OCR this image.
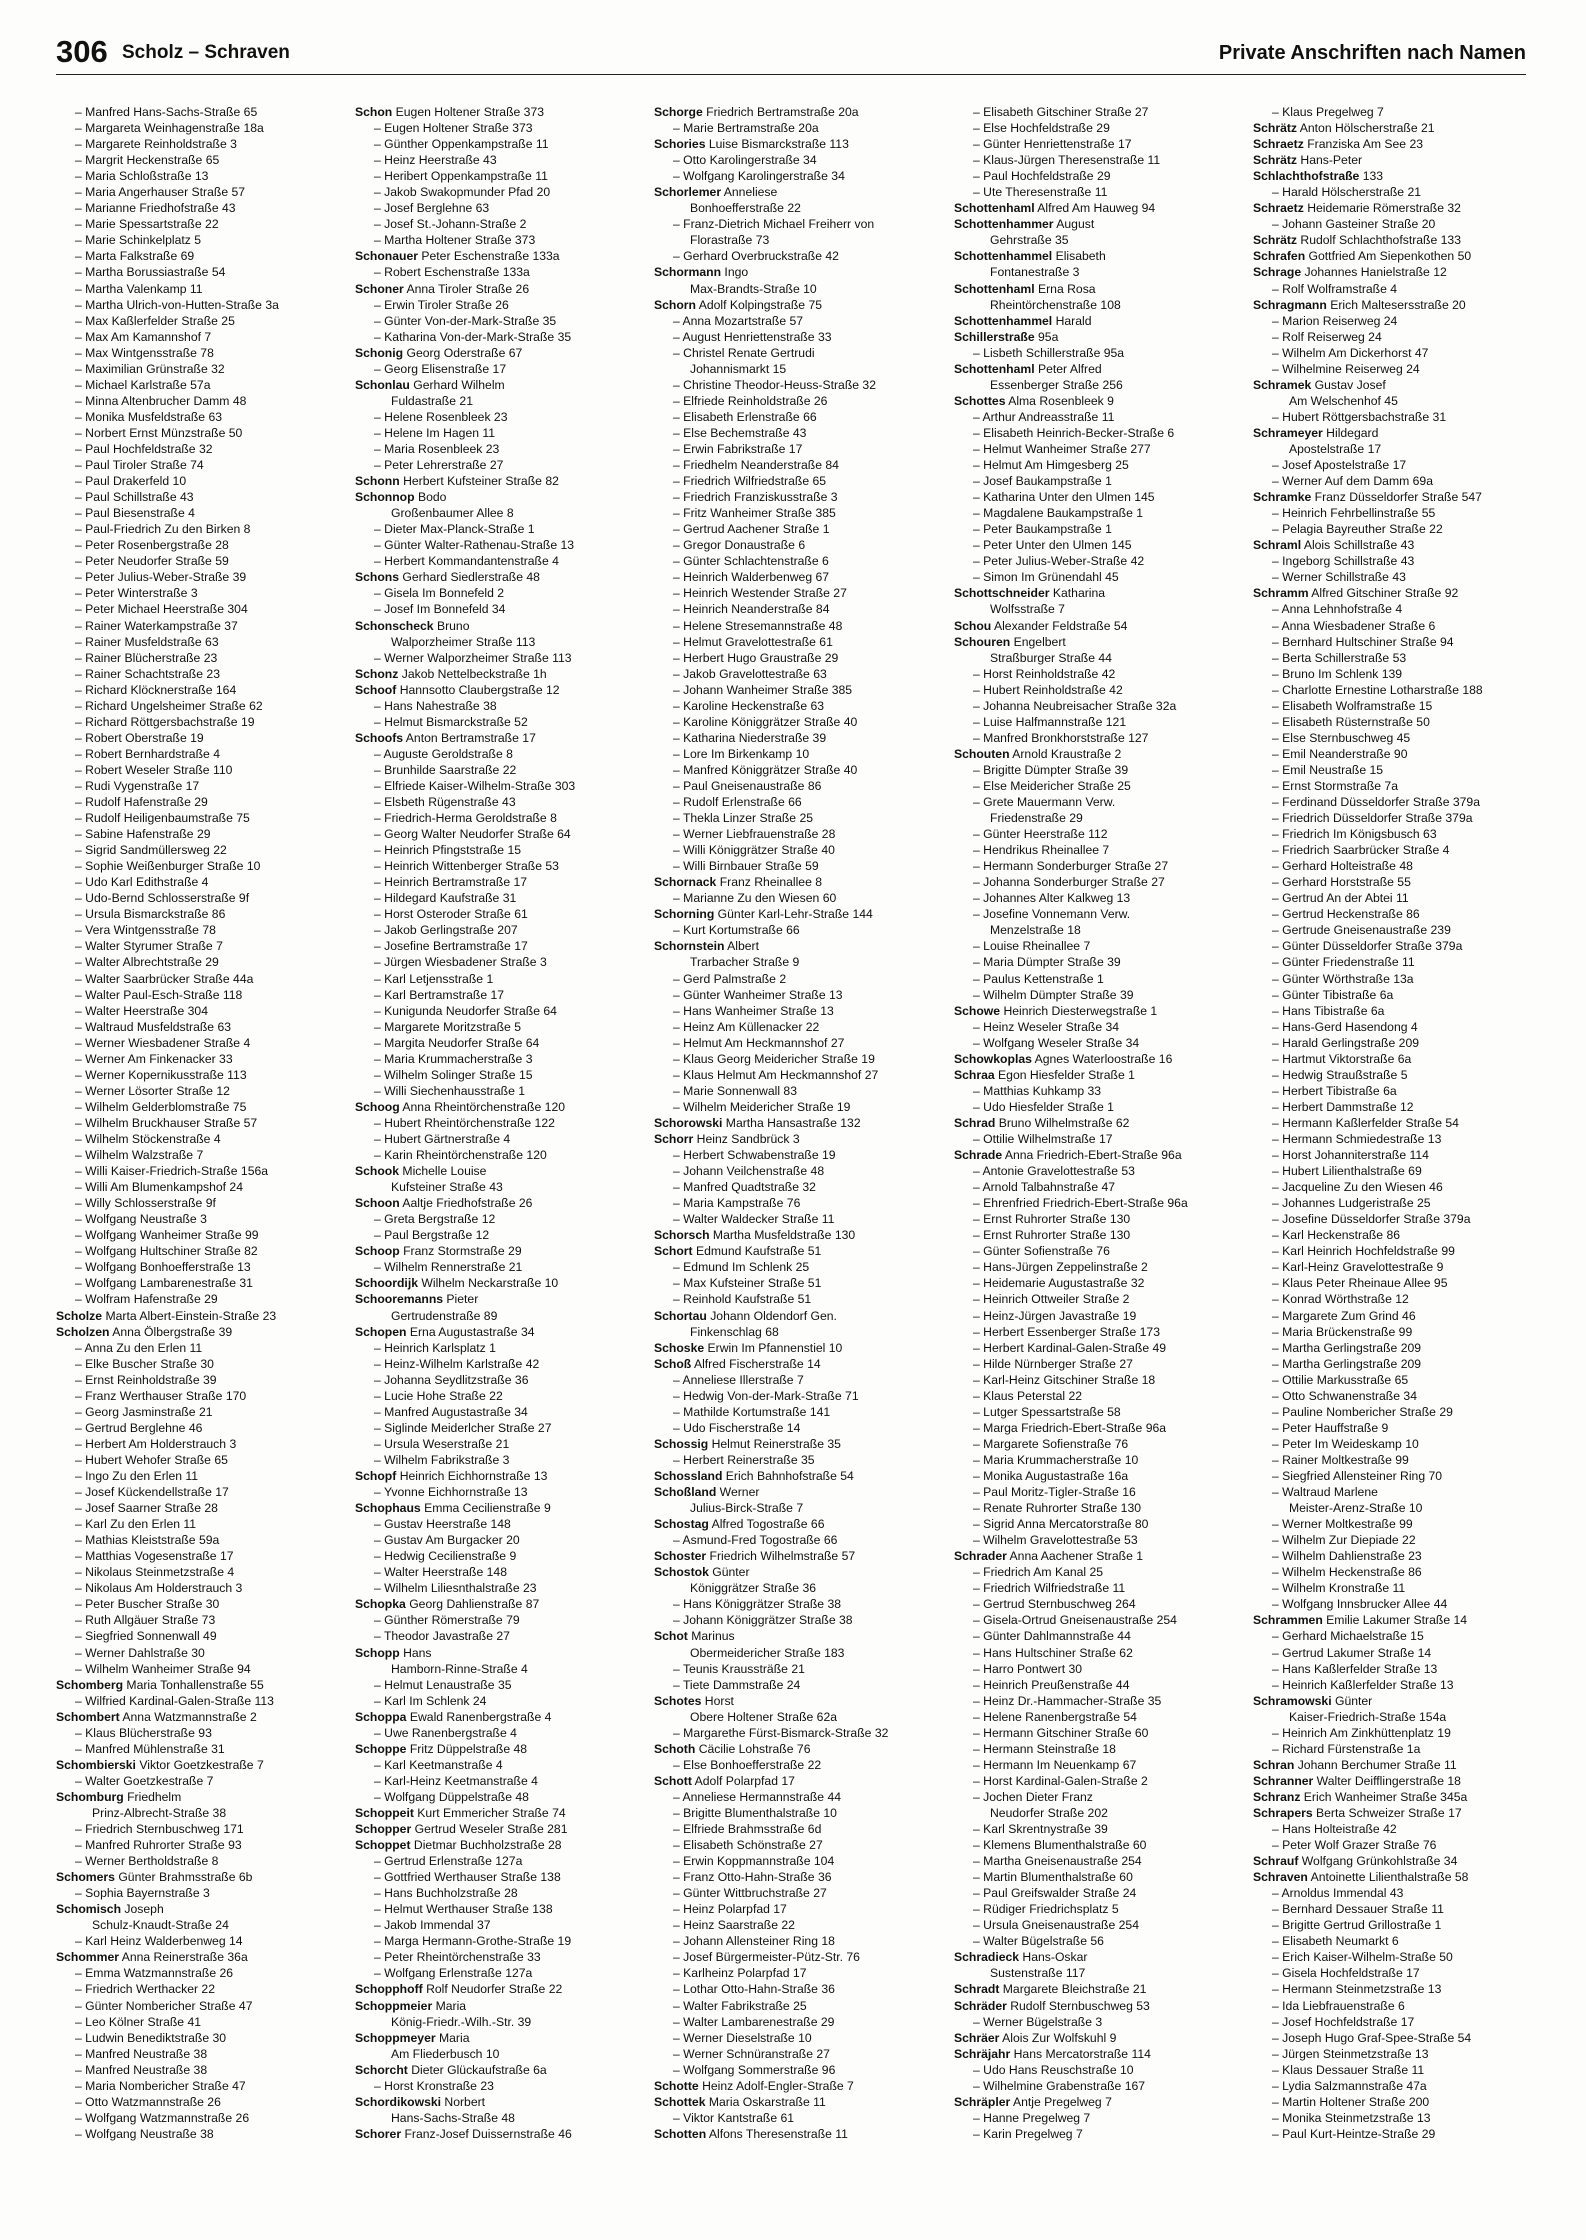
306 Scholz – Schraven	Private Anschriften nach Namen
– Manfred Hans-Sachs-Straße 65
– Margareta Weinhagenstraße 18a
– Margarete Reinholdstraße 3
– Margrit Heckenstraße 65
– Maria Schloßstraße 13
– Maria Angerhauser Straße 57
– Marianne Friedhofstraße 43
– Marie Spessartstraße 22
– Marie Schinkelplatz 5
– Marta Falkstraße 69
– Martha Borussiastraße 54
– Martha Valenkamp 11
– Martha Ulrich-von-Hutten-Straße 3a
– Max Kaßlerfelder Straße 25
– Max Am Kamannshof 7
– Max Wintgensstraße 78
– Maximilian Grünstraße 32
– Michael Karlstraße 57a
– Minna Altenbrucher Damm 48
– Monika Musfeldstraße 63
– Norbert Ernst Münzstraße 50
– Paul Hochfeldstraße 32
– Paul Tiroler Straße 74
– Paul Drakerfeld 10
– Paul Schillstraße 43
– Paul Biesenstraße 4
– Paul-Friedrich Zu den Birken 8
– Peter Rosenbergstraße 28
– Peter Neudorfer Straße 59
– Peter Julius-Weber-Straße 39
– Peter Winterstraße 3
– Peter Michael Heerstraße 304
– Rainer Waterkampstraße 37
– Rainer Musfeldstraße 63
– Rainer Blücherstraße 23
– Rainer Schachtstraße 23
– Richard Klöcknerstraße 164
– Richard Ungelsheimer Straße 62
– Richard Röttgersbachstraße 19
– Robert Oberstraße 19
– Robert Bernhardstraße 4
– Robert Weseler Straße 110
– Rudi Vygenstraße 17
– Rudolf Hafenstraße 29
– Rudolf Heiligenbaumstraße 75
– Sabine Hafenstraße 29
– Sigrid Sandmüllersweg 22
– Sophie Weißenburger Straße 10
– Udo Karl Edithstraße 4
– Udo-Bernd Schlosserstraße 9f
– Ursula Bismarckstraße 86
– Vera Wintgensstraße 78
– Walter Styrumer Straße 7
– Walter Albrechtstraße 29
– Walter Saarbrücker Straße 44a
– Walter Paul-Esch-Straße 118
– Walter Heerstraße 304
– Waltraud Musfeldstraße 63
– Werner Wiesbadener Straße 4
– Werner Am Finkenacker 33
– Werner Kopernikusstraße 113
– Werner Lösorter Straße 12
– Wilhelm Gelderblomstraße 75
– Wilhelm Bruckhauser Straße 57
– Wilhelm Stöckenstraße 4
– Wilhelm Walzstraße 7
– Willi Kaiser-Friedrich-Straße 156a
– Willi Am Blumenkampshof 24
– Willy Schlosserstraße 9f
– Wolfgang Neustraße 3
– Wolfgang Wanheimer Straße 99
– Wolfgang Hultschiner Straße 82
– Wolfgang Bonhoefferstraße 13
– Wolfgang Lambarenestraße 31
– Wolfram Hafenstraße 29
Scholze Marta Albert-Einstein-Straße 23
Scholzen Anna Ölbergstraße 39
– Anna Zu den Erlen 11
– Elke Buscher Straße 30
– Ernst Reinholdstraße 39
– Franz Werthauser Straße 170
– Georg Jasminstraße 21
– Gertrud Berglehne 46
– Herbert Am Holderstrauch 3
– Hubert Wehofer Straße 65
– Ingo Zu den Erlen 11
– Josef Kückendellstraße 17
– Josef Saarner Straße 28
– Karl Zu den Erlen 11
– Mathias Kleiststraße 59a
– Matthias Vogesenstraße 17
– Nikolaus Steinmetzstraße 4
– Nikolaus Am Holderstrauch 3
– Peter Buscher Straße 30
– Ruth Allgäuer Straße 73
– Siegfried Sonnenwall 49
– Werner Dahlstraße 30
– Wilhelm Wanheimer Straße 94
Schomberg Maria Tonhallenstraße 55
– Wilfried Kardinal-Galen-Straße 113
Schombert Anna Watzmannstraße 2
– Klaus Blücherstraße 93
– Manfred Mühlenstraße 31
Schombierski Viktor Goetzkestraße 7
– Walter Goetzkestraße 7
Schomburg Friedhelm
Prinz-Albrecht-Straße 38
– Friedrich Sternbuschweg 171
– Manfred Ruhrorter Straße 93
– Werner Bertholdstraße 8
Schomers Günter Brahmsstraße 6b
– Sophia Bayernstraße 3
Schomisch Joseph
Schulz-Knaudt-Straße 24
– Karl Heinz Walderbenweg 14
Schommer Anna Reinerstraße 36a
– Emma Watzmannstraße 26
– Friedrich Werthacker 22
– Günter Nombericher Straße 47
– Leo Kölner Straße 41
– Ludwin Benediktstraße 30
– Manfred Neustraße 38
– Manfred Neustraße 38
– Maria Nombericher Straße 47
– Otto Watzmannstraße 26
– Wolfgang Watzmannstraße 26
– Wolfgang Neustraße 38
Schon Eugen Holtener Straße 373
– Eugen Holtener Straße 373
– Günther Oppenkampstraße 11
– Heinz Heerstraße 43
– Heribert Oppenkampstraße 11
– Jakob Swakopmunder Pfad 20
– Josef Berglehne 63
– Josef St.-Johann-Straße 2
– Martha Holtener Straße 373
Schonauer Peter Eschenstraße 133a
– Robert Eschenstraße 133a
Schoner Anna Tiroler Straße 26
– Erwin Tiroler Straße 26
– Günter Von-der-Mark-Straße 35
– Katharina Von-der-Mark-Straße 35
Schonig Georg Oderstraße 67
– Georg Elisenstraße 17
Schonlau Gerhard Wilhelm
Fuldastraße 21
– Helene Rosenbleek 23
– Helene Im Hagen 11
– Maria Rosenbleek 23
– Peter Lehrerstraße 27
Schonn Herbert Kufsteiner Straße 82
Schonnop Bodo
Großenbaumer Allee 8
– Dieter Max-Planck-Straße 1
– Günter Walter-Rathenau-Straße 13
– Herbert Kommandantenstraße 4
Schons Gerhard Siedlerstraße 48
– Gisela Im Bonnefeld 2
– Josef Im Bonnefeld 34
Schonscheck Bruno
Walporzheimer Straße 113
– Werner Walporzheimer Straße 113
Schonz Jakob Nettelbeckstraße 1h
Schoof Hannsotto Claubergstraße 12
– Hans Nahestraße 38
– Helmut Bismarckstraße 52
Schoofs Anton Bertramstraße 17
– Auguste Geroldstraße 8
– Brunhilde Saarstraße 22
– Elfriede Kaiser-Wilhelm-Straße 303
– Elsbeth Rügenstraße 43
– Friedrich-Herma Geroldstraße 8
– Georg Walter Neudorfer Straße 64
– Heinrich Pfingststraße 15
– Heinrich Wittenberger Straße 53
– Heinrich Bertramstraße 17
– Hildegard Kaufstraße 31
– Horst Osteroder Straße 61
– Jakob Gerlingstraße 207
– Josefine Bertramstraße 17
– Jürgen Wiesbadener Straße 3
– Karl Letjensstraße 1
– Karl Bertramstraße 17
– Kunigunda Neudorfer Straße 64
– Margarete Moritzstraße 5
– Margita Neudorfer Straße 64
– Maria Krummacherstraße 3
– Wilhelm Solinger Straße 15
– Willi Siechenhausstraße 1
Schoog Anna Rheintörchenstraße 120
– Hubert Rheintörchenstraße 122
– Hubert Gärtnerstraße 4
– Karin Rheintörchenstraße 120
Schook Michelle Louise
Kufsteiner Straße 43
Schoon Aaltje Friedhofstraße 26
– Greta Bergstraße 12
– Paul Bergstraße 12
Schoop Franz Stormstraße 29
– Wilhelm Rennerstraße 21
Schoordijk Wilhelm Neckarstraße 10
Schooremanns Pieter
Gertrudenstraße 89
Schopen Erna Augustastraße 34
– Heinrich Karlsplatz 1
– Heinz-Wilhelm Karlstraße 42
– Johanna Seydlitzstraße 36
– Lucie Hohe Straße 22
– Manfred Augustastraße 34
– Siglinde Meiderlcher Straße 27
– Ursula Weserstraße 21
– Wilhelm Fabrikstraße 3
Schopf Heinrich Eichhornstraße 13
– Yvonne Eichhornstraße 13
Schophaus Emma Cecilienstraße 9
– Gustav Heerstraße 148
– Gustav Am Burgacker 20
– Hedwig Cecilienstraße 9
– Walter Heerstraße 148
– Wilhelm Liliesnthalstraße 23
Schopka Georg Dahlienstraße 87
– Günther Römerstraße 79
– Theodor Javastraße 27
Schopp Hans
Hamborn-Rinne-Straße 4
– Helmut Lenaustraße 35
– Karl Im Schlenk 24
Schoppa Ewald Ranenbergstraße 4
– Uwe Ranenbergstraße 4
Schoppe Fritz Düppelstraße 48
– Karl Keetmanstraße 4
– Karl-Heinz Keetmanstraße 4
– Wolfgang Düppelstraße 48
Schoppeit Kurt Emmericher Straße 74
Schopper Gertrud Weseler Straße 281
Schoppet Dietmar Buchholzstraße 28
– Gertrud Erlenstraße 127a
– Gottfried Werthauser Straße 138
– Hans Buchholzstraße 28
– Helmut Werthauser Straße 138
– Jakob Immendal 37
– Marga Hermann-Grothe-Straße 19
– Peter Rheintörchenstraße 33
– Wolfgang Erlenstraße 127a
Schopphoff Rolf Neudorfer Straße 22
Schoppmeier Maria
König-Friedr.-Wilh.-Str. 39
Schoppmeyer Maria
Am Fliederbusch 10
Schorcht Dieter Glückaufstraße 6a
– Horst Kronstraße 23
Schordikowski Norbert
Hans-Sachs-Straße 48
Schorer Franz-Josef Duissernstraße 46
Schorge Friedrich Bertramstraße 20a
– Marie Bertramstraße 20a
Schories Luise Bismarckstraße 113
– Otto Karolingerstraße 34
– Wolfgang Karolingerstraße 34
Schorlemer Anneliese
Bonhoefferstraße 22
– Franz-Dietrich Michael Freiherr von
Florastraße 73
– Gerhard Overbruckstraße 42
Schormann Ingo
Max-Brandts-Straße 10
Schorn Adolf Kolpingstraße 75
– Anna Mozartstraße 57
– August Henriettenstraße 33
– Christel Renate Gertrudi
Johannismarkt 15
– Christine Theodor-Heuss-Straße 32
– Elfriede Reinholdstraße 26
– Elisabeth Erlenstraße 66
– Else Bechemstraße 43
– Erwin Fabrikstraße 17
– Friedhelm Neanderstraße 84
– Friedrich Wilfriedstraße 65
– Friedrich Franziskusstraße 3
– Fritz Wanheimer Straße 385
– Gertrud Aachener Straße 1
– Gregor Donaustraße 6
– Günter Schlachtenstraße 6
– Heinrich Walderbenweg 67
– Heinrich Westender Straße 27
– Heinrich Neanderstraße 84
– Helene Stresemannstraße 48
– Helmut Gravelottestraße 61
– Herbert Hugo Graustraße 29
– Jakob Gravelottestraße 63
– Johann Wanheimer Straße 385
– Karoline Heckenstraße 63
– Karoline Königgrätzer Straße 40
– Katharina Niederstraße 39
– Lore Im Birkenkamp 10
– Manfred Königgrätzer Straße 40
– Paul Gneisenaustraße 86
– Rudolf Erlenstraße 66
– Thekla Linzer Straße 25
– Werner Liebfrauenstraße 28
– Willi Königgrätzer Straße 40
– Willi Birnbauer Straße 59
Schornack Franz Rheinallee 8
– Marianne Zu den Wiesen 60
Schorning Günter Karl-Lehr-Straße 144
– Kurt Kortumstraße 66
Schornstein Albert
Trarbacher Straße 9
– Gerd Palmstraße 2
– Günter Wanheimer Straße 13
– Hans Wanheimer Straße 13
– Heinz Am Küllenacker 22
– Helmut Am Heckmannshof 27
– Klaus Georg Meidericher Straße 19
– Klaus Helmut Am Heckmannshof 27
– Marie Sonnenwall 83
– Wilhelm Meidericher Straße 19
Schorowski Martha Hansastraße 132
Schorr Heinz Sandbrück 3
– Herbert Schwabenstraße 19
– Johann Veilchenstraße 48
– Manfred Quadtstraße 32
– Maria Kampstraße 76
– Walter Waldecker Straße 11
Schorsch Martha Musfeldstraße 130
Schort Edmund Kaufstraße 51
– Edmund Im Schlenk 25
– Max Kufsteiner Straße 51
– Reinhold Kaufstraße 51
Schortau Johann Oldendorf Gen.
Finkenschlag 68
Schoske Erwin Im Pfannenstiel 10
Schoß Alfred Fischerstraße 14
– Anneliese Illerstraße 7
– Hedwig Von-der-Mark-Straße 71
– Mathilde Kortumstraße 141
– Udo Fischerstraße 14
Schossig Helmut Reinerstraße 35
– Herbert Reinerstraße 35
Schossland Erich Bahnhofstraße 54
Schoßland Werner
Julius-Birck-Straße 7
Schostag Alfred Togostraße 66
– Asmund-Fred Togostraße 66
Schoster Friedrich Wilhelmstraße 57
Schostok Günter
Königgrätzer Straße 36
– Hans Königgrätzer Straße 38
– Johann Königgrätzer Straße 38
Schot Marinus
Obermeidericher Straße 183
– Teunis Kraussträße 21
– Tiete Dammstraße 24
Schotes Horst
Obere Holtener Straße 62a
– Margarethe Fürst-Bismarck-Straße 32
Schoth Cäcilie Lohstraße 76
– Else Bonhoefferstraße 22
Schott Adolf Polarpfad 17
– Anneliese Hermannstraße 44
– Brigitte Blumenthalstraße 10
– Elfriede Brahmsstraße 6d
– Elisabeth Schönstraße 27
– Erwin Koppmannstraße 104
– Franz Otto-Hahn-Straße 36
– Günter Wittbruchstraße 27
– Heinz Polarpfad 17
– Heinz Saarstraße 22
– Johann Allensteiner Ring 18
– Josef Bürgermeister-Pütz-Str. 76
– Karlheinz Polarpfad 17
– Lothar Otto-Hahn-Straße 36
– Walter Fabrikstraße 25
– Walter Lambarenestraße 29
– Werner Dieselstraße 10
– Werner Schnüranstraße 27
– Wolfgang Sommerstraße 96
Schotte Heinz Adolf-Engler-Straße 7
Schottek Maria Oskarstraße 11
– Viktor Kantstraße 61
Schotten Alfons Theresenstraße 11
– Elisabeth Gitschiner Straße 27
– Else Hochfeldstraße 29
– Günter Henriettenstraße 17
– Klaus-Jürgen Theresenstraße 11
– Paul Hochfeldstraße 29
– Ute Theresenstraße 11
Schottenhaml Alfred Am Hauweg 94
Schottenhammer August
Gehrstraße 35
Schottenhammel Elisabeth
Fontanestraße 3
Schottenhaml Erna Rosa
Rheintörchenstraße 108
Schottenhammel Harald
Schillerstraße 95a
– Lisbeth Schillerstraße 95a
Schottenhaml Peter Alfred
Essenberger Straße 256
Schottes Alma Rosenbleek 9
– Arthur Andreasstraße 11
– Elisabeth Heinrich-Becker-Straße 6
– Helmut Wanheimer Straße 277
– Helmut Am Himgesberg 25
– Josef Baukampstraße 1
– Katharina Unter den Ulmen 145
– Magdalene Baukampstraße 1
– Peter Baukampstraße 1
– Peter Unter den Ulmen 145
– Peter Julius-Weber-Straße 42
– Simon Im Grünendahl 45
Schottschneider Katharina
Wolfsstraße 7
Schou Alexander Feldstraße 54
Schouren Engelbert
Straßburger Straße 44
– Horst Reinholdstraße 42
– Hubert Reinholdstraße 42
– Johanna Neubreisacher Straße 32a
– Luise Halfmannstraße 121
– Manfred Bronkhorststraße 127
Schouten Arnold Kraustraße 2
– Brigitte Dümpter Straße 39
– Else Meidericher Straße 25
– Grete Mauermann Verw.
Friedenstraße 29
– Günter Heerstraße 112
– Hendrikus Rheinallee 7
– Hermann Sonderburger Straße 27
– Johanna Sonderburger Straße 27
– Johannes Alter Kalkweg 13
– Josefine Vonnemann Verw.
Menzelstraße 18
– Louise Rheinallee 7
– Maria Dümpter Straße 39
– Paulus Kettenstraße 1
– Wilhelm Dümpter Straße 39
Schowe Heinrich Diesterwegstraße 1
– Heinz Weseler Straße 34
– Wolfgang Weseler Straße 34
Schowkoplas Agnes Waterloostraße 16
Schraa Egon Hiesfelder Straße 1
– Matthias Kuhkamp 33
– Udo Hiesfelder Straße 1
Schrad Bruno Wilhelmstraße 62
– Ottilie Wilhelmstraße 17
Schrade Anna Friedrich-Ebert-Straße 96a
– Antonie Gravelottestraße 53
– Arnold Talbahnstraße 47
– Ehrenfried Friedrich-Ebert-Straße 96a
– Ernst Ruhrorter Straße 130
– Ernst Ruhrorter Straße 130
– Günter Sofienstraße 76
– Hans-Jürgen Zeppelinstraße 2
– Heidemarie Augustastraße 32
– Heinrich Ottweiler Straße 2
– Heinz-Jürgen Javastraße 19
– Herbert Essenberger Straße 173
– Herbert Kardinal-Galen-Straße 49
– Hilde Nürnberger Straße 27
– Karl-Heinz Gitschiner Straße 18
– Klaus Peterstal 22
– Lutger Spessartstraße 58
– Marga Friedrich-Ebert-Straße 96a
– Margarete Sofienstraße 76
– Maria Krummacherstraße 10
– Monika Augustastraße 16a
– Paul Moritz-Tigler-Straße 16
– Renate Ruhrorter Straße 130
– Sigrid Anna Mercatorstraße 80
– Wilhelm Gravelottestraße 53
Schrader Anna Aachener Straße 1
– Friedrich Am Kanal 25
– Friedrich Wilfriedstraße 11
– Gertrud Sternbuschweg 264
– Gisela-Ortrud Gneisenaustraße 254
– Günter Dahlmannstraße 44
– Hans Hultschiner Straße 62
– Harro Pontwert 30
– Heinrich Preußenstraße 44
– Heinz Dr.-Hammacher-Straße 35
– Helene Ranenbergstraße 54
– Hermann Gitschiner Straße 60
– Hermann Steinstraße 18
– Hermann Im Neuenkamp 67
– Horst Kardinal-Galen-Straße 2
– Jochen Dieter Franz
Neudorfer Straße 202
– Karl Skrentnystraße 39
– Klemens Blumenthalstraße 60
– Martha Gneisenaustraße 254
– Martin Blumenthalstraße 60
– Paul Greifswalder Straße 24
– Rüdiger Friedrichsplatz 5
– Ursula Gneisenaustraße 254
– Walter Bügelstraße 56
Schradieck Hans-Oskar
Sustenstraße 117
Schradt Margarete Bleichstraße 21
Schräder Rudolf Sternbuschweg 53
– Werner Bügelstraße 3
Schräer Alois Zur Wolfskuhl 9
Schräjahr Hans Mercatorstraße 114
– Udo Hans Reuschstraße 10
– Wilhelmine Grabenstraße 167
Schräpler Antje Pregelweg 7
– Hanne Pregelweg 7
– Karin Pregelweg 7
– Klaus Pregelweg 7
Schrätz Anton Hölscherstraße 21
Schraetz Franziska Am See 23
Schrätz Hans-Peter
Schlachthofstraße 133
– Harald Hölscherstraße 21
Schraetz Heidemarie Römerstraße 32
– Johann Gasteiner Straße 20
Schrätz Rudolf Schlachthofstraße 133
Schrafen Gottfried Am Siepenkothen 50
Schrage Johannes Hanielstraße 12
– Rolf Wolframstraße 4
Schragmann Erich Maltesersstraße 20
– Marion Reiserweg 24
– Rolf Reiserweg 24
– Wilhelm Am Dickerhorst 47
– Wilhelmine Reiserweg 24
Schramek Gustav Josef
Am Welschenhof 45
– Hubert Röttgersbachstraße 31
Schrameyer Hildegard
Apostelstraße 17
– Josef Apostelstraße 17
– Werner Auf dem Damm 69a
Schramke Franz Düsseldorfer Straße 547
– Heinrich Fehrbellinstraße 55
– Pelagia Bayreuther Straße 22
Schraml Alois Schillstraße 43
– Ingeborg Schillstraße 43
– Werner Schillstraße 43
Schramm Alfred Gitschiner Straße 92
– Anna Lehnhofstraße 4
– Anna Wiesbadener Straße 6
– Bernhard Hultschiner Straße 94
– Berta Schillerstraße 53
– Bruno Im Schlenk 139
– Charlotte Ernestine Lotharstraße 188
– Elisabeth Wolframstraße 15
– Elisabeth Rüsternstraße 50
– Else Sternbuschweg 45
– Emil Neanderstraße 90
– Emil Neustraße 15
– Ernst Stormstraße 7a
– Ferdinand Düsseldorfer Straße 379a
– Friedrich Düsseldorfer Straße 379a
– Friedrich Im Königsbusch 63
– Friedrich Saarbrücker Straße 4
– Gerhard Holteistraße 48
– Gerhard Horststraße 55
– Gertrud An der Abtei 11
– Gertrud Heckenstraße 86
– Gertrude Gneisenaustraße 239
– Günter Düsseldorfer Straße 379a
– Günter Friedenstraße 11
– Günter Wörthstraße 13a
– Günter Tibistraße 6a
– Hans Tibistraße 6a
– Hans-Gerd Hasendong 4
– Harald Gerlingstraße 209
– Hartmut Viktorstraße 6a
– Hedwig Straußstraße 5
– Herbert Tibistraße 6a
– Herbert Dammstraße 12
– Hermann Kaßlerfelder Straße 54
– Hermann Schmiedestraße 13
– Horst Johanniterstraße 114
– Hubert Lilienthalstraße 69
– Jacqueline Zu den Wiesen 46
– Johannes Ludgeristraße 25
– Josefine Düsseldorfer Straße 379a
– Karl Heckenstraße 86
– Karl Heinrich Hochfeldstraße 99
– Karl-Heinz Gravelottestraße 9
– Klaus Peter Rheinaue Allee 95
– Konrad Wörthstraße 12
– Margarete Zum Grind 46
– Maria Brückenstraße 99
– Martha Gerlingstraße 209
– Martha Gerlingstraße 209
– Ottilie Markusstraße 65
– Otto Schwanenstraße 34
– Pauline Nombericher Straße 29
– Peter Hauffstraße 9
– Peter Im Weideskamp 10
– Rainer Moltkestraße 99
– Siegfried Allensteiner Ring 70
– Waltraud Marlene
Meister-Arenz-Straße 10
– Werner Moltkestraße 99
– Wilhelm Zur Diepiade 22
– Wilhelm Dahlienstraße 23
– Wilhelm Heckenstraße 86
– Wilhelm Kronstraße 11
– Wolfgang Innsbrucker Allee 44
Schrammen Emilie Lakumer Straße 14
– Gerhard Michaelstraße 15
– Gertrud Lakumer Straße 14
– Hans Kaßlerfelder Straße 13
– Heinrich Kaßlerfelder Straße 13
Schramowski Günter
Kaiser-Friedrich-Straße 154a
– Heinrich Am Zinkhüttenplatz 19
– Richard Fürstenstraße 1a
Schran Johann Berchumer Straße 11
Schranner Walter Deifflingerstraße 18
Schranz Erich Wanheimer Straße 345a
Schrapers Berta Schweizer Straße 17
– Hans Holteistraße 42
– Peter Wolf Grazer Straße 76
Schrauf Wolfgang Grünkohlstraße 34
Schraven Antoinette Lilienthalstraße 58
– Arnoldus Immendal 43
– Bernhard Dessauer Straße 11
– Brigitte Gertrud Grillostraße 1
– Elisabeth Neumarkt 6
– Erich Kaiser-Wilhelm-Straße 50
– Gisela Hochfeldstraße 17
– Hermann Steinmetzstraße 13
– Ida Liebfrauenstraße 6
– Josef Hochfeldstraße 17
– Joseph Hugo Graf-Spee-Straße 54
– Jürgen Steinmetzstraße 13
– Klaus Dessauer Straße 11
– Lydia Salzmannstraße 47a
– Martin Holtener Straße 200
– Monika Steinmetzstraße 13
– Paul Kurt-Heintze-Straße 29
